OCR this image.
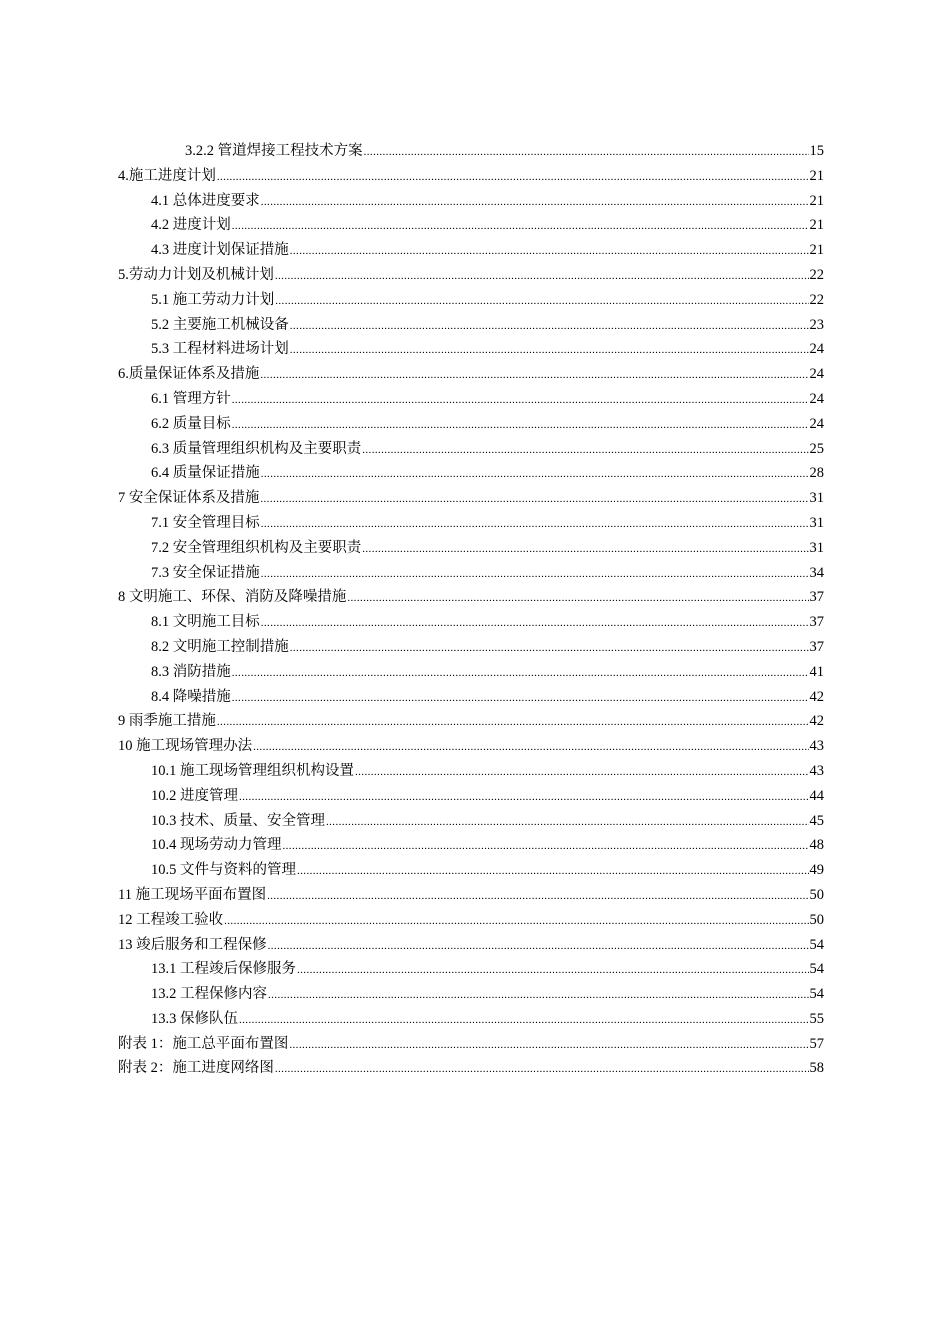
3.2.2 管道焊接工程技术方案 .....	15
4.施工进度计划 .....	21
4.1 总体进度要求 .....	21
4.2 进度计划 .....	21
4.3 进度计划保证措施 .....	21
5.劳动力计划及机械计划 .....	22
5.1 施工劳动力计划 .....	22
5.2 主要施工机械设备 .....	23
5.3 工程材料进场计划 .....	24
6.质量保证体系及措施 .....	24
6.1 管理方针 .....	24
6.2 质量目标 .....	24
6.3 质量管理组织机构及主要职责 .....	25
6.4 质量保证措施 .....	28
7 安全保证体系及措施 .....	31
7.1 安全管理目标 .....	31
7.2 安全管理组织机构及主要职责 .....	31
7.3 安全保证措施 .....	34
8 文明施工、环保、消防及降噪措施 .....	37
8.1 文明施工目标 .....	37
8.2 文明施工控制措施 .....	37
8.3 消防措施 .....	41
8.4 降噪措施 .....	42
9 雨季施工措施 .....	42
10 施工现场管理办法 .....	43
10.1 施工现场管理组织机构设置 .....	43
10.2 进度管理 .....	44
10.3 技术、质量、安全管理 .....	45
10.4 现场劳动力管理 .....	48
10.5 文件与资料的管理 .....	49
11 施工现场平面布置图 .....	50
12 工程竣工验收 .....	50
13 竣后服务和工程保修 .....	54
13.1 工程竣后保修服务 .....	54
13.2 工程保修内容 .....	54
13.3 保修队伍 .....	55
附表 1：施工总平面布置图 .....	57
附表 2：施工进度网络图 .....	58
